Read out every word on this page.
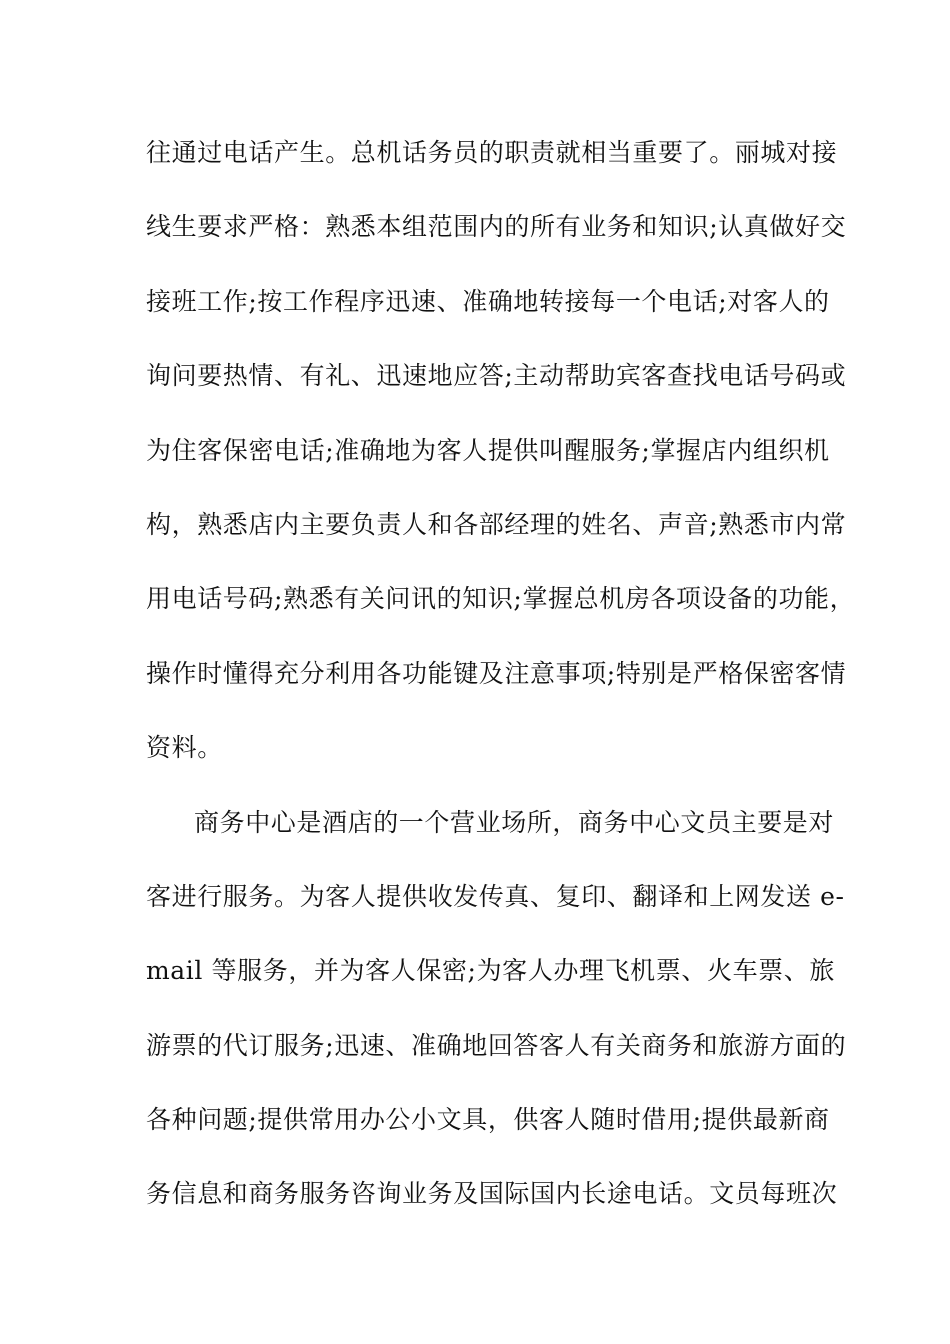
往通过电话产生。总机话务员的职责就相当重要了。丽城对接
线生要求严格：熟悉本组范围内的所有业务和知识;认真做好交
接班工作;按工作程序迅速、准确地转接每一个电话;对客人的
询问要热情、有礼、迅速地应答;主动帮助宾客查找电话号码或
为住客保密电话;准确地为客人提供叫醒服务;掌握店内组织机
构，熟悉店内主要负责人和各部经理的姓名、声音;熟悉市内常
用电话号码;熟悉有关问讯的知识;掌握总机房各项设备的功能，
操作时懂得充分利用各功能键及注意事项;特别是严格保密客情
资料。
商务中心是酒店的一个营业场所，商务中心文员主要是对
客进行服务。为客人提供收发传真、复印、翻译和上网发送 e-
mail 等服务，并为客人保密;为客人办理飞机票、火车票、旅
游票的代订服务;迅速、准确地回答客人有关商务和旅游方面的
各种问题;提供常用办公小文具，供客人随时借用;提供最新商
务信息和商务服务咨询业务及国际国内长途电话。文员每班次
